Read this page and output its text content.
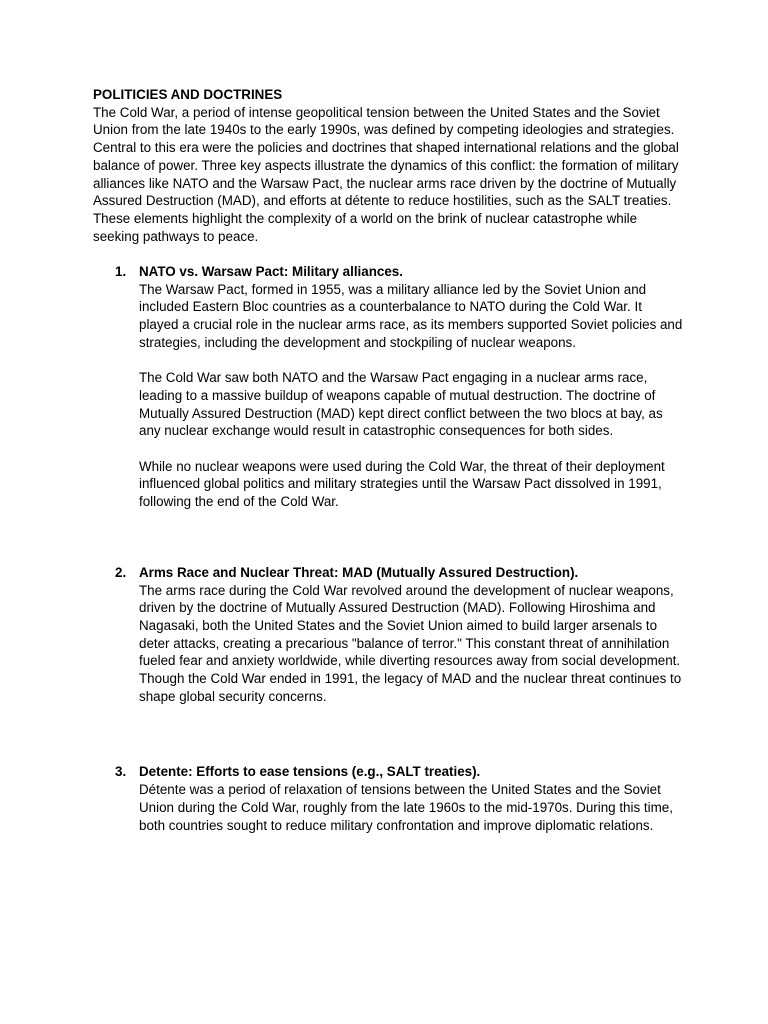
POLITICIES AND DOCTRINES

The Cold War, a period of intense geopolitical tension between the United States and the Soviet Union from the late 1940s to the early 1990s, was defined by competing ideologies and strategies. Central to this era were the policies and doctrines that shaped international relations and the global balance of power. Three key aspects illustrate the dynamics of this conflict: the formation of military alliances like NATO and the Warsaw Pact, the nuclear arms race driven by the doctrine of Mutually Assured Destruction (MAD), and efforts at détente to reduce hostilities, such as the SALT treaties. These elements highlight the complexity of a world on the brink of nuclear catastrophe while seeking pathways to peace.

1. NATO vs. Warsaw Pact: Military alliances.

The Warsaw Pact, formed in 1955, was a military alliance led by the Soviet Union and included Eastern Bloc countries as a counterbalance to NATO during the Cold War. It played a crucial role in the nuclear arms race, as its members supported Soviet policies and strategies, including the development and stockpiling of nuclear weapons.

The Cold War saw both NATO and the Warsaw Pact engaging in a nuclear arms race, leading to a massive buildup of weapons capable of mutual destruction. The doctrine of Mutually Assured Destruction (MAD) kept direct conflict between the two blocs at bay, as any nuclear exchange would result in catastrophic consequences for both sides.

While no nuclear weapons were used during the Cold War, the threat of their deployment influenced global politics and military strategies until the Warsaw Pact dissolved in 1991, following the end of the Cold War.

2. Arms Race and Nuclear Threat: MAD (Mutually Assured Destruction).

The arms race during the Cold War revolved around the development of nuclear weapons, driven by the doctrine of Mutually Assured Destruction (MAD). Following Hiroshima and Nagasaki, both the United States and the Soviet Union aimed to build larger arsenals to deter attacks, creating a precarious "balance of terror." This constant threat of annihilation fueled fear and anxiety worldwide, while diverting resources away from social development. Though the Cold War ended in 1991, the legacy of MAD and the nuclear threat continues to shape global security concerns.

3. Detente: Efforts to ease tensions (e.g., SALT treaties).

Détente was a period of relaxation of tensions between the United States and the Soviet Union during the Cold War, roughly from the late 1960s to the mid-1970s. During this time, both countries sought to reduce military confrontation and improve diplomatic relations.
